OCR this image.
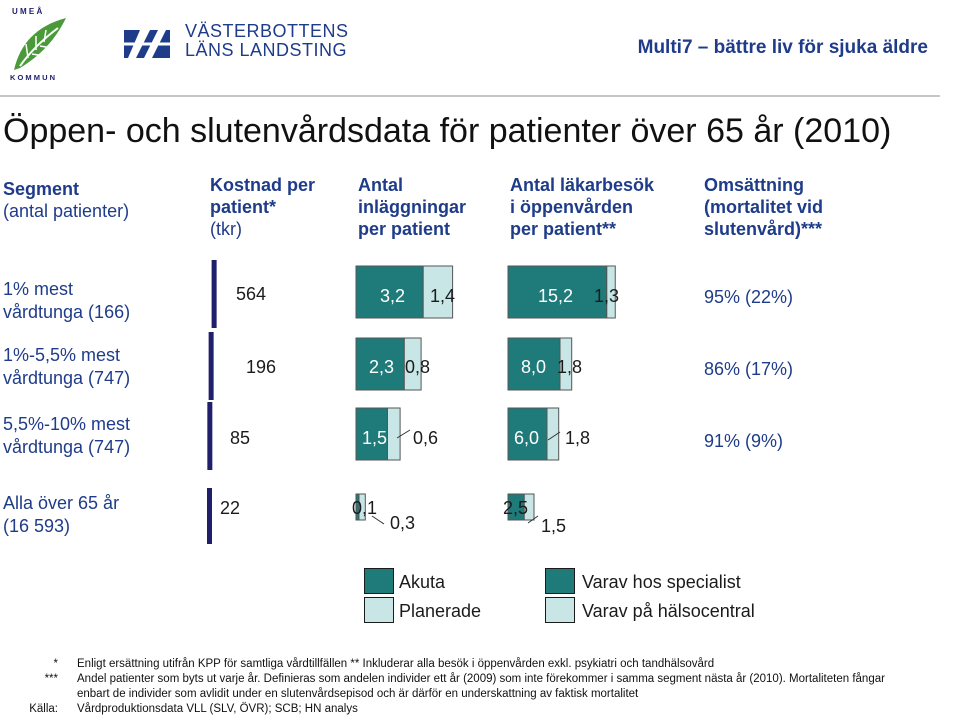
U M E Å
K O M M U N
VÄSTERBOTTENS
LÄNS LANDSTING	Multi7 – bättre liv för sjuka äldre
Öppen- och slutenvårdsdata för patienter över 65 år (2010)
Segment
(antal patienter)
Kostnad per
patient*
(tkr)
Antal
inläggningar
per patient
Antal läkarbesök
i öppenvården
per patient**
Omsättning
(mortalitet vid
slutenvård)***
1% mest
vårdtunga (166)
1%-5,5% mest
vårdtunga (747)
5,5%-10% mest
vårdtunga (747)
Alla över 65 år
(16 593)
95% (22%)
86% (17%)
91% (9%)
564
196
85
22
3,2 1,4
2,3 0,8
1,5 0,6
0,1
0,3
15,2 1,3
8,0 1,8
6,0 1,8
2,5
1,5
Akuta
Planerade
Varav hos specialist
Varav på hälsocentral
* Enligt ersättning utifrån KPP för samtliga vårdtillfällen ** Inkluderar alla besök i öppenvården exkl. psykiatri och tandhälsovård
*** Andel patienter som byts ut varje år. Definieras som andelen individer ett år (2009) som inte förekommer i samma segment nästa år (2010). Mortaliteten fångar
enbart de individer som avlidit under en slutenvårdsepisod och är därför en underskattning av faktisk mortalitet
Källa: Vårdproduktionsdata VLL (SLV, ÖVR); SCB; HN analys
